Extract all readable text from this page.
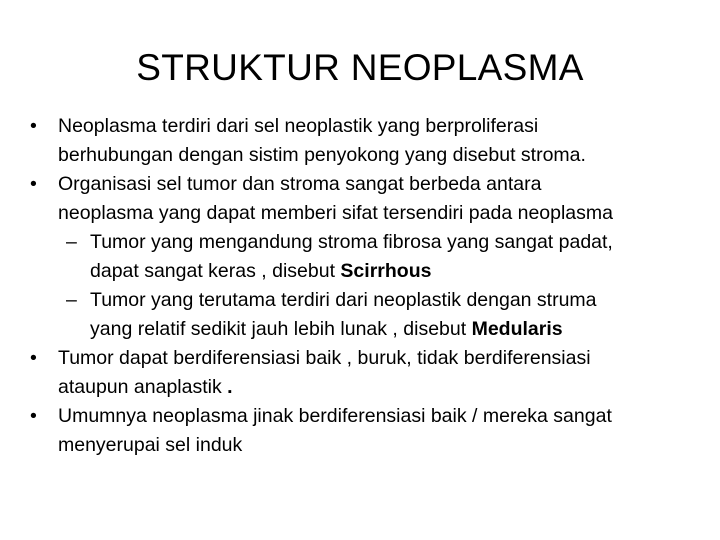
STRUKTUR NEOPLASMA
• Neoplasma terdiri dari sel neoplastik yang berproliferasi
berhubungan dengan sistim penyokong yang disebut stroma.
• Organisasi sel tumor dan stroma sangat berbeda antara
neoplasma yang dapat memberi sifat tersendiri pada neoplasma
– Tumor yang mengandung stroma fibrosa yang sangat padat,
dapat sangat keras , disebut Scirrhous
– Tumor yang terutama terdiri dari neoplastik dengan struma
yang relatif sedikit jauh lebih lunak , disebut Medularis
• Tumor dapat berdiferensiasi baik , buruk, tidak berdiferensiasi
ataupun anaplastik .
• Umumnya neoplasma jinak berdiferensiasi baik / mereka sangat
menyerupai sel induk
